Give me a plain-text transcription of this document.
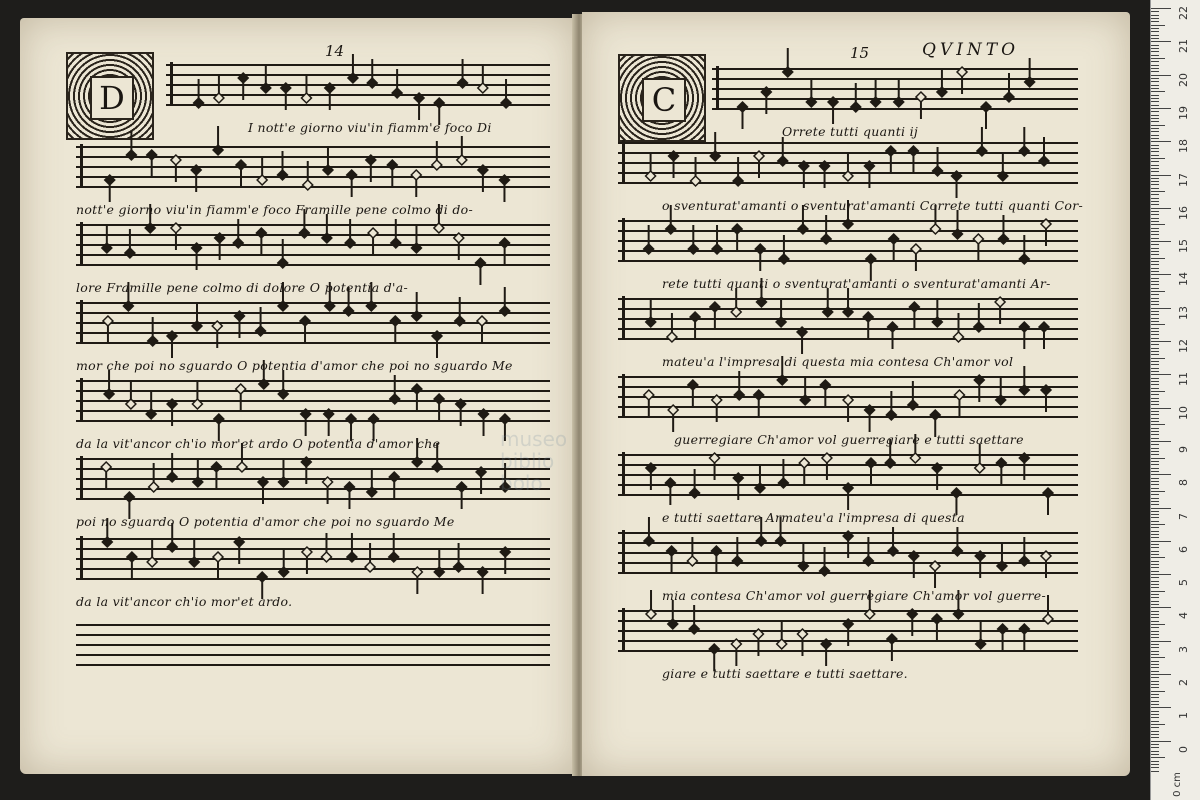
14
D
I nott'e giorno viu'in fiamm'e foco Di
nott'e giorno viu'in fiamm'e foco Framille pene colmo di do-
lore Framille pene colmo di dolore O potentia d'a-
mor che poi no sguardo O potentia d'amor che poi no sguardo Me
da la vit'ancor ch'io mor'et ardo O potentia d'amor che
poi no sguardo O potentia d'amor che poi no sguardo Me
da la vit'ancor ch'io mor'et ardo.
museo
biblio
bolo
15	QVINTO
C
Orrete tutti quanti ij
o sventurat'amanti o sventurat'amanti Correte tutti quanti Cor-
rete tutti quanti o sventurat'amanti o sventurat'amanti Ar-
mateu'a l'impresa di questa mia contesa Ch'amor vol
guerregiare Ch'amor vol guerregiare e tutti saettare
e tutti saettare Armateu'a l'impresa di questa
mia contesa Ch'amor vol guerregiare Ch'amor vol guerre-
giare e tutti saettare e tutti saettare.
0 cm
22
21
20
19
18
17
16
15
14
13
12
11
10
9
8
7
6
5
4
3
2
1
0
